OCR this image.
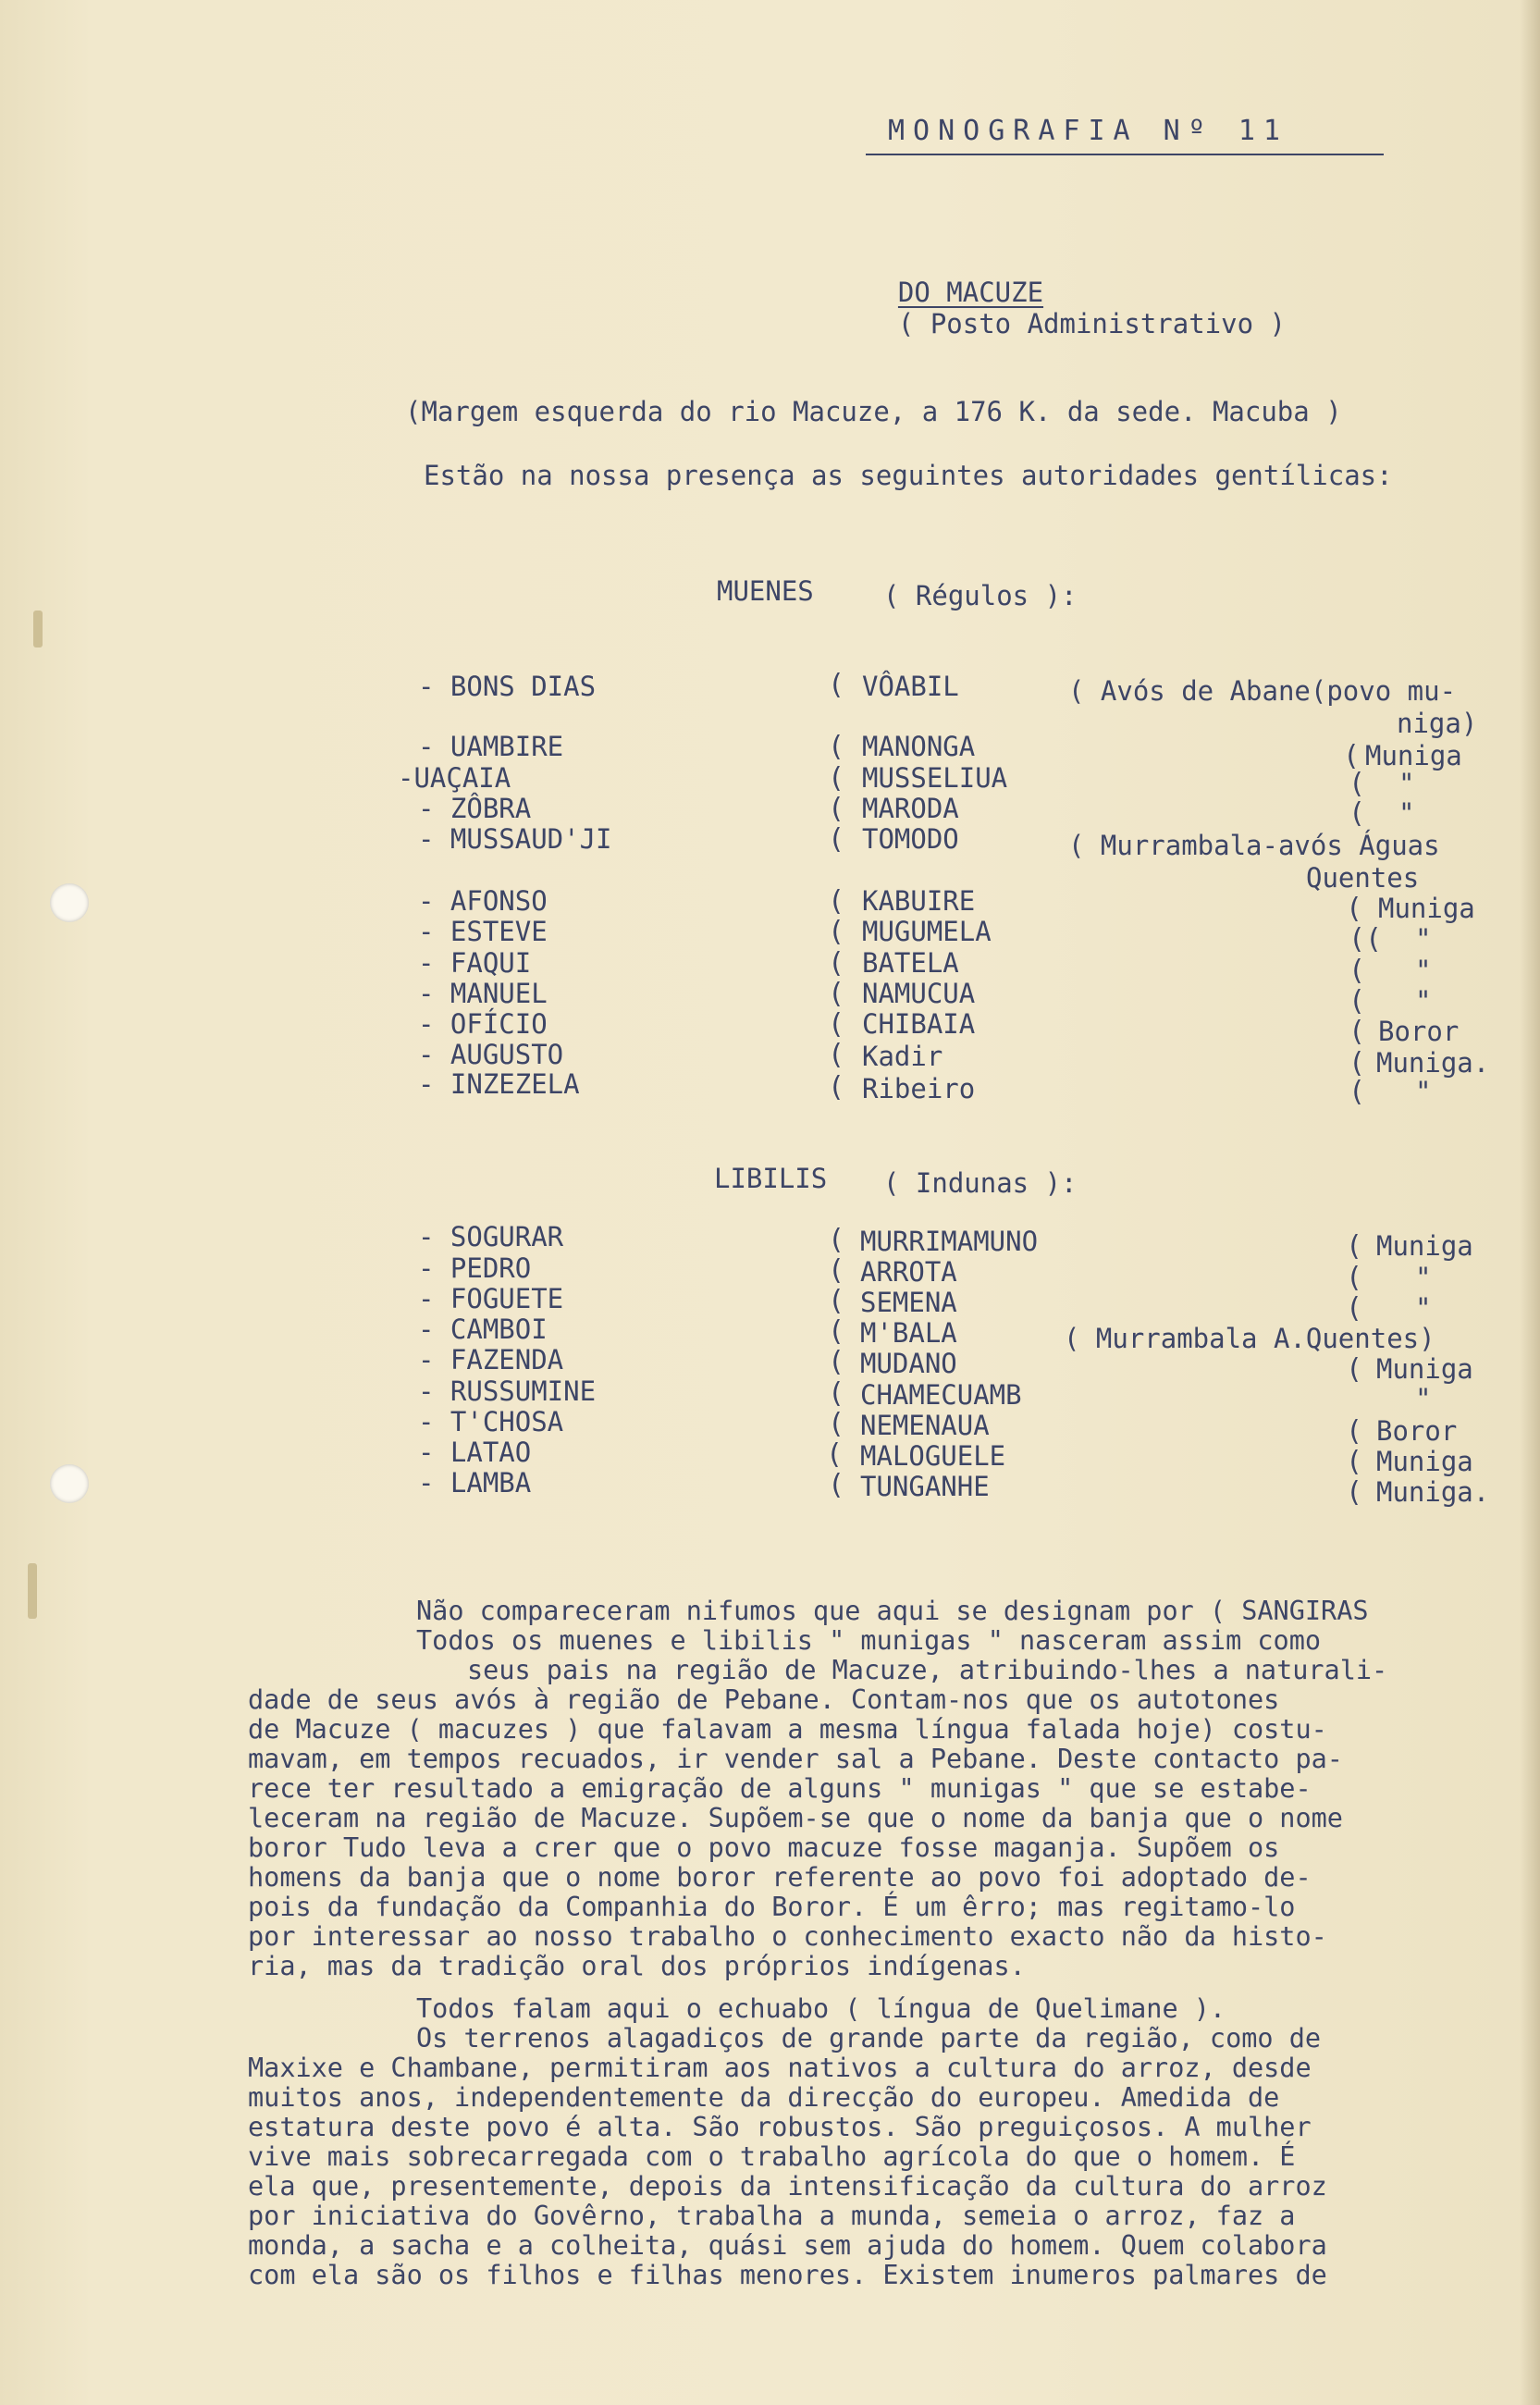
MONOGRAFIA Nº 11

DO MACUZE
( Posto Administrativo )

(Margem esquerda do rio Macuze, a 176 K. da sede. Macuba )
Estão na nossa presença as seguintes autoridades gentílicas:
MUENES	( Régulos ):
- BONS DIAS	( VÔABIL	( Avós de Abane(povo mu-
niga)
- UAMBIRE	( MANONGA	( Muniga
-UAÇAIA	( MUSSELIUA	( "
- ZÔBRA	( MARODA	( "
- MUSSAUD'JI	( TOMODO	( Murrambala-avós Águas
Quentes
- AFONSO	( KABUIRE	( Muniga
- ESTEVE	( MUGUMELA	(( "
- FAQUI	( BATELA	( "
- MANUEL	( NAMUCUA	( "
- OFÍCIO	( CHIBAIA	( Boror
- AUGUSTO	( Kadir	( Muniga.
- INZEZELA	( Ribeiro	( "
LIBILIS ( Indunas ):
- SOGURAR	( MURRIMAMUNO	( Muniga
- PEDRO	( ARROTA	( "
- FOGUETE	( SEMENA	( "
- CAMBOI	( M'BALA	( Murrambala A.Quentes)
- FAZENDA	( MUDANO	( Muniga
- RUSSUMINE	( CHAMECUAMB	"
- T'CHOSA	( NEMENAUA	( Boror
- LATAO	( MALOGUELE	( Muniga
- LAMBA	( TUNGANHE	( Muniga.
Não compareceram nifumos que aqui se designam por ( SANGIRAS
Todos os muenes e libilis " munigas " nasceram assim como
seus pais na região de Macuze, atribuindo-lhes a naturali-
dade de seus avós à região de Pebane. Contam-nos que os autotones
de Macuze ( macuzes ) que falavam a mesma língua falada hoje) costu-
mavam, em tempos recuados, ir vender sal a Pebane. Deste contacto pa-
rece ter resultado a emigração de alguns " munigas " que se estabe-
leceram na região de Macuze. Supõem-se que o nome da banja que o nome
boror Tudo leva a crer que o povo macuze fosse maganja. Supõem os
homens da banja que o nome boror referente ao povo foi adoptado de-
pois da fundação da Companhia do Boror. É um êrro; mas regitamo-lo
por interessar ao nosso trabalho o conhecimento exacto não da histo-
ria, mas da tradição oral dos próprios indígenas.
Todos falam aqui o echuabo ( língua de Quelimane ).
Os terrenos alagadiços de grande parte da região, como de
Maxixe e Chambane, permitiram aos nativos a cultura do arroz, desde
muitos anos, independentemente da direcção do europeu. Amedida de
estatura deste povo é alta. São robustos. São preguiçosos. A mulher
vive mais sobrecarregada com o trabalho agrícola do que o homem. É
ela que, presentemente, depois da intensificação da cultura do arroz
por iniciativa do Govêrno, trabalha a munda, semeia o arroz, faz a
monda, a sacha e a colheita, quási sem ajuda do homem. Quem colabora
com ela são os filhos e filhas menores. Existem inumeros palmares de
